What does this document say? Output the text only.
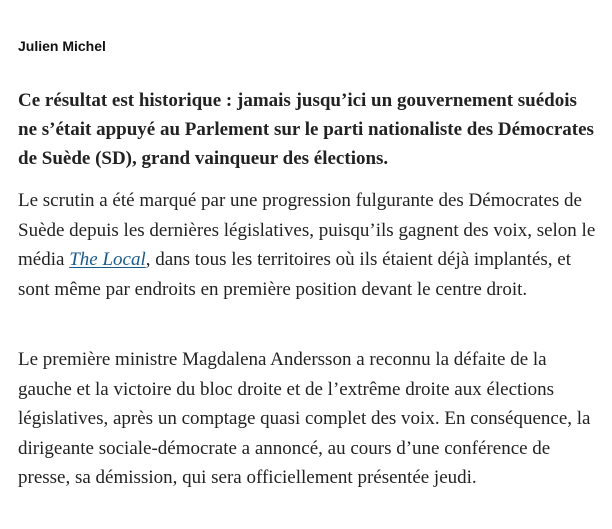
Julien Michel

Ce résultat est historique : jamais jusqu’ici un gouvernement suédois ne s’était appuyé au Parlement sur le parti nationaliste des Démocrates de Suède (SD), grand vainqueur des élections.

Le scrutin a été marqué par une progression fulgurante des Démocrates de Suède depuis les dernières législatives, puisqu’ils gagnent des voix, selon le média The Local, dans tous les territoires où ils étaient déjà implantés, et sont même par endroits en première position devant le centre droit.

Le première ministre Magdalena Andersson a reconnu la défaite de la gauche et la victoire du bloc droite et de l’extrême droite aux élections législatives, après un comptage quasi complet des voix. En conséquence, la dirigeante sociale-démocrate a annoncé, au cours d’une conférence de presse, sa démission, qui sera officiellement présentée jeudi.
